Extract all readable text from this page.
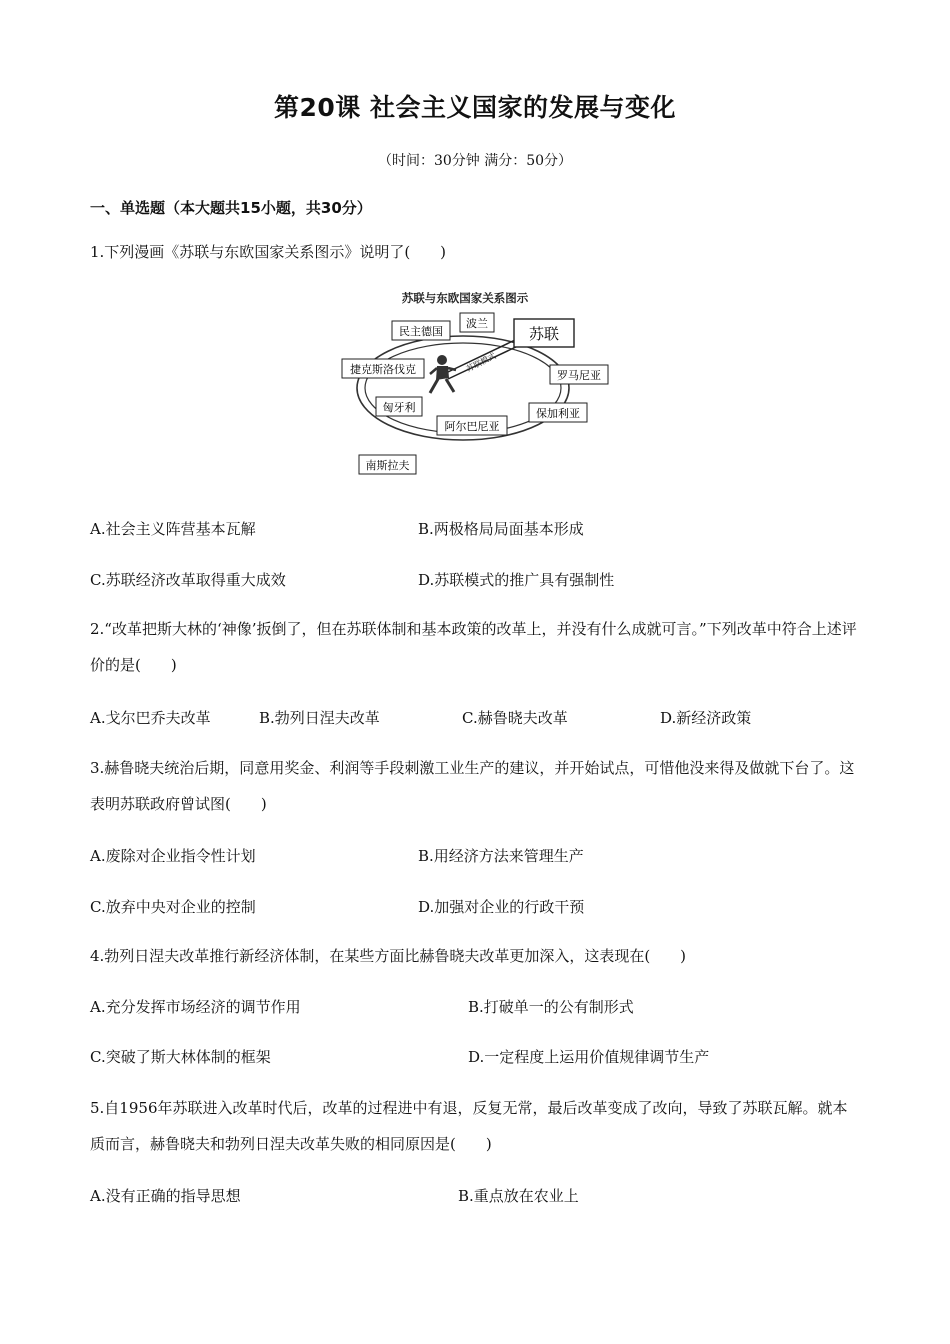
第20课 社会主义国家的发展与变化
（时间：30分钟 满分：50分）
一、单选题（本大题共15小题，共30分）
1.下列漫画《苏联与东欧国家关系图示》说明了(　　)
苏联与东欧国家关系图示
苏联模式
苏联
民主德国
波兰
罗马尼亚
保加利亚
阿尔巴尼亚
匈牙利
捷克斯洛伐克
南斯拉夫
A.社会主义阵营基本瓦解	B.两极格局局面基本形成
C.苏联经济改革取得重大成效	D.苏联模式的推广具有强制性
2.“改革把斯大林的‘神像’扳倒了，但在苏联体制和基本政策的改革上，并没有什么成就可言。”下列改革中符合上述评价的是(　　)
A.戈尔巴乔夫改革	B.勃列日涅夫改革	C.赫鲁晓夫改革	D.新经济政策
3.赫鲁晓夫统治后期，同意用奖金、利润等手段刺激工业生产的建议，并开始试点，可惜他没来得及做就下台了。这表明苏联政府曾试图(　　)
A.废除对企业指令性计划	B.用经济方法来管理生产
C.放弃中央对企业的控制	D.加强对企业的行政干预
4.勃列日涅夫改革推行新经济体制，在某些方面比赫鲁晓夫改革更加深入，这表现在(　　)
A.充分发挥市场经济的调节作用	B.打破单一的公有制形式
C.突破了斯大林体制的框架	D.一定程度上运用价值规律调节生产
5.自1956年苏联进入改革时代后，改革的过程进中有退，反复无常，最后改革变成了改向，导致了苏联瓦解。就本质而言，赫鲁晓夫和勃列日涅夫改革失败的相同原因是(　　)
A.没有正确的指导思想	B.重点放在农业上
